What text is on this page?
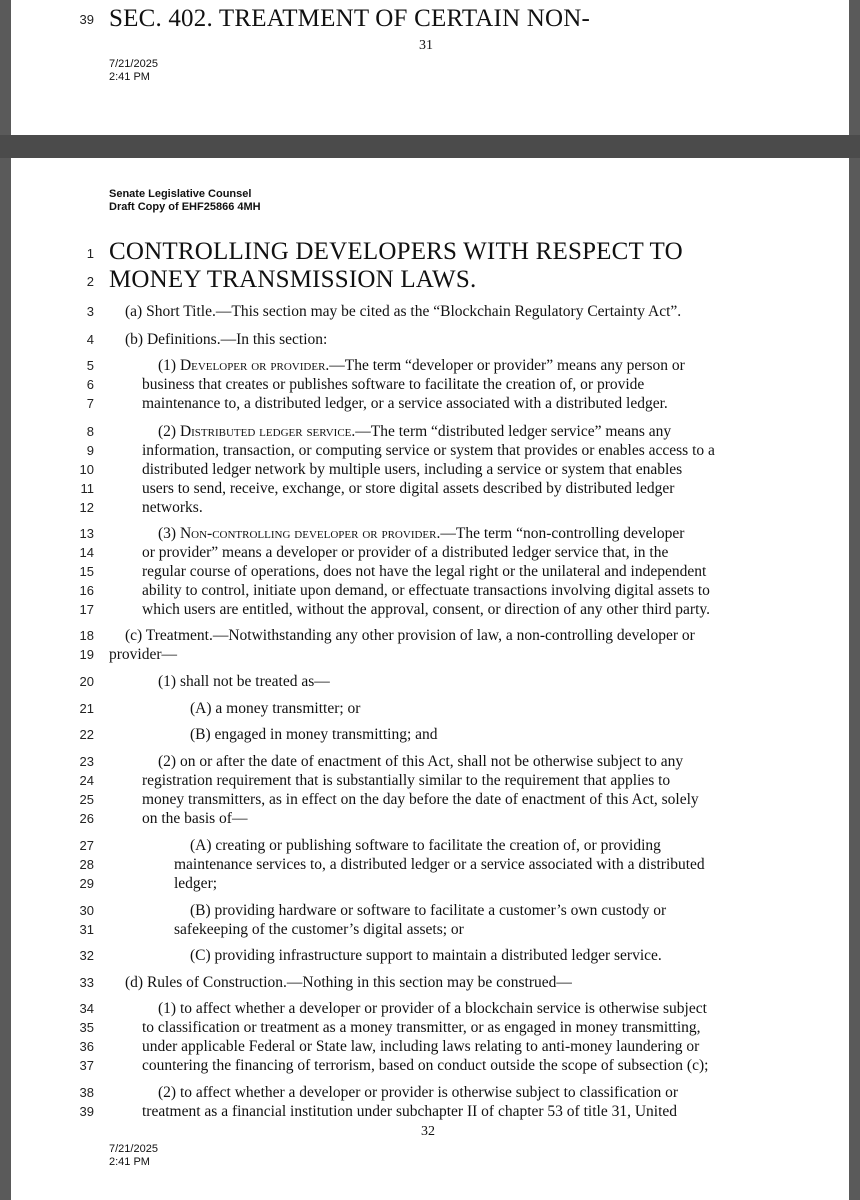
39 SEC. 402. TREATMENT OF CERTAIN NON-
31
7/21/2025
2:41 PM
Senate Legislative Counsel
Draft Copy of EHF25866 4MH
1 CONTROLLING DEVELOPERS WITH RESPECT TO
2 MONEY TRANSMISSION LAWS.
3
4
5
6
7
8
9
10
11
12
13
14
15
16
17
18
19
20
21
22
23
24
25
26
27
28
29
30
31
32
33
34
35
36
37
38
39
(a) Short Title.—This section may be cited as the “Blockchain Regulatory Certainty Act”.
(b) Definitions.—In this section:
(1) Developer or provider.—The term “developer or provider” means any person or
business that creates or publishes software to facilitate the creation of, or provide
maintenance to, a distributed ledger, or a service associated with a distributed ledger.
(2) Distributed ledger service.—The term “distributed ledger service” means any
information, transaction, or computing service or system that provides or enables access to a
distributed ledger network by multiple users, including a service or system that enables
users to send, receive, exchange, or store digital assets described by distributed ledger
networks.
(3) Non-controlling developer or provider.—The term “non-controlling developer
or provider” means a developer or provider of a distributed ledger service that, in the
regular course of operations, does not have the legal right or the unilateral and independent
ability to control, initiate upon demand, or effectuate transactions involving digital assets to
which users are entitled, without the approval, consent, or direction of any other third party.
(c) Treatment.—Notwithstanding any other provision of law, a non-controlling developer or
provider—
(1) shall not be treated as—
(A) a money transmitter; or
(B) engaged in money transmitting; and
(2) on or after the date of enactment of this Act, shall not be otherwise subject to any
registration requirement that is substantially similar to the requirement that applies to
money transmitters, as in effect on the day before the date of enactment of this Act, solely
on the basis of—
(A) creating or publishing software to facilitate the creation of, or providing
maintenance services to, a distributed ledger or a service associated with a distributed
ledger;
(B) providing hardware or software to facilitate a customer’s own custody or
safekeeping of the customer’s digital assets; or
(C) providing infrastructure support to maintain a distributed ledger service.
(d) Rules of Construction.—Nothing in this section may be construed—
(1) to affect whether a developer or provider of a blockchain service is otherwise subject
to classification or treatment as a money transmitter, or as engaged in money transmitting,
under applicable Federal or State law, including laws relating to anti-money laundering or
countering the financing of terrorism, based on conduct outside the scope of subsection (c);
(2) to affect whether a developer or provider is otherwise subject to classification or
treatment as a financial institution under subchapter II of chapter 53 of title 31, United
32
7/21/2025
2:41 PM
